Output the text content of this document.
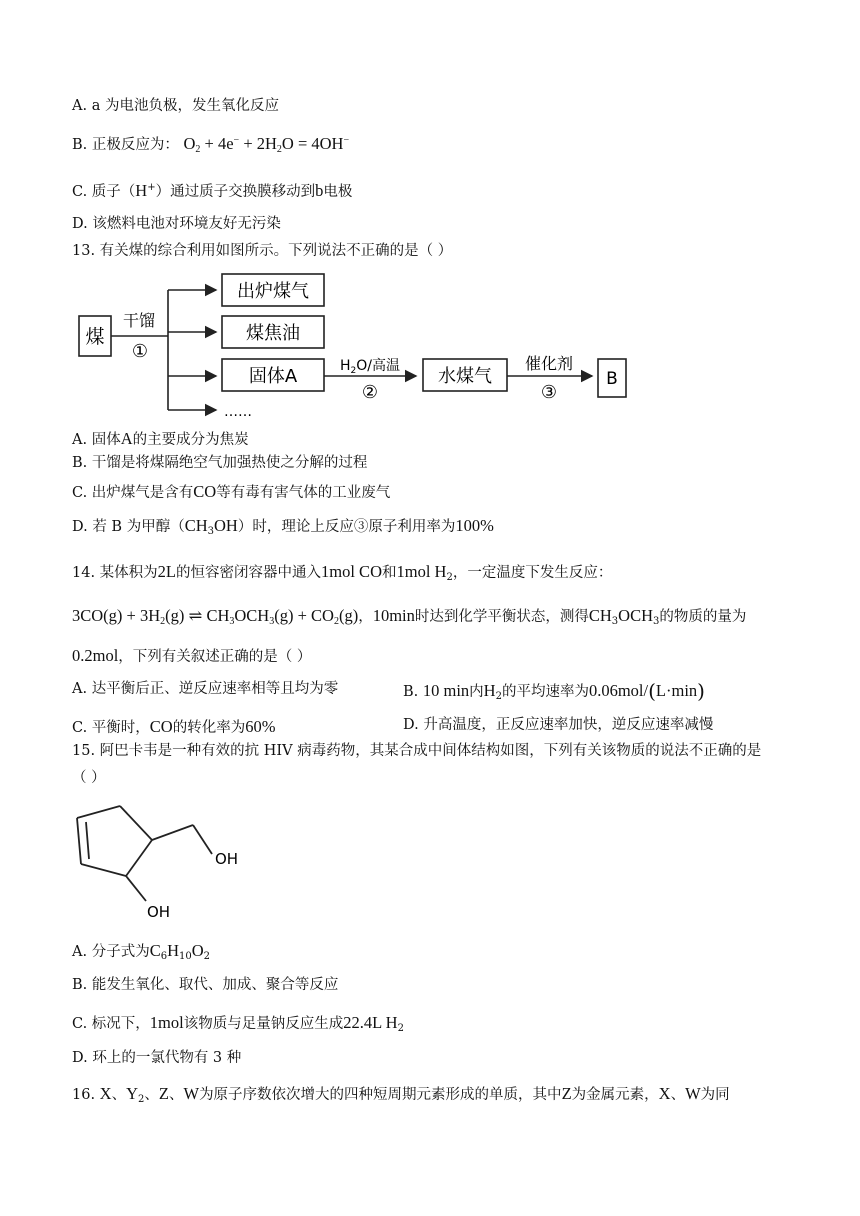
A. a 为电池负极，发生氧化反应
B. 正极反应为： $O_2 + 4e^- + 2H_2O = 4OH^-$
C. 质子（H+）通过质子交换膜移动到b电极
D. 该燃料电池对环境友好无污染
13. 有关煤的综合利用如图所示。下列说法不正确的是（ ）
煤
干馏
①
出炉煤气
煤焦油
固体A
……
$H_2O/$高温
②
水煤气
催化剂
③
B
A. 固体A的主要成分为焦炭
B. 干馏是将煤隔绝空气加强热使之分解的过程
C. 出炉煤气是含有CO等有毒有害气体的工业废气
D. 若 B 为甲醇$(CH_3OH)$时，理论上反应③原子利用率为100%
14. 某体积为2L的恒容密闭容器中通入1mol CO和1mol $H_2$，一定温度下发生反应：
$3CO(g) + 3H_2(g)$ ⇌ $CH_3OCH_3(g) + CO_2(g)$，10min时达到化学平衡状态，测得$CH_3OCH_3$的物质的量为
0.2mol，下列有关叙述正确的是（ ）
A. 达平衡后正、逆反应速率相等且均为零	B. 10 min内$H_2$的平均速率为0.06mol/(L·min)
C. 平衡时，CO的转化率为60%	D. 升高温度，正反应速率加快，逆反应速率减慢
15. 阿巴卡韦是一种有效的抗 HIV 病毒药物，其某合成中间体结构如图，下列有关该物质的说法不正确的是
（ ）
OH
OH
A. 分子式为$C_6H_{10}O_2$
B. 能发生氧化、取代、加成、聚合等反应
C. 标况下，1mol该物质与足量钠反应生成22.4L $H_2$
D. 环上的一氯代物有 3 种
16. X、$Y_2$、Z、W为原子序数依次增大的四种短周期元素形成的单质，其中Z为金属元素，X、W为同
